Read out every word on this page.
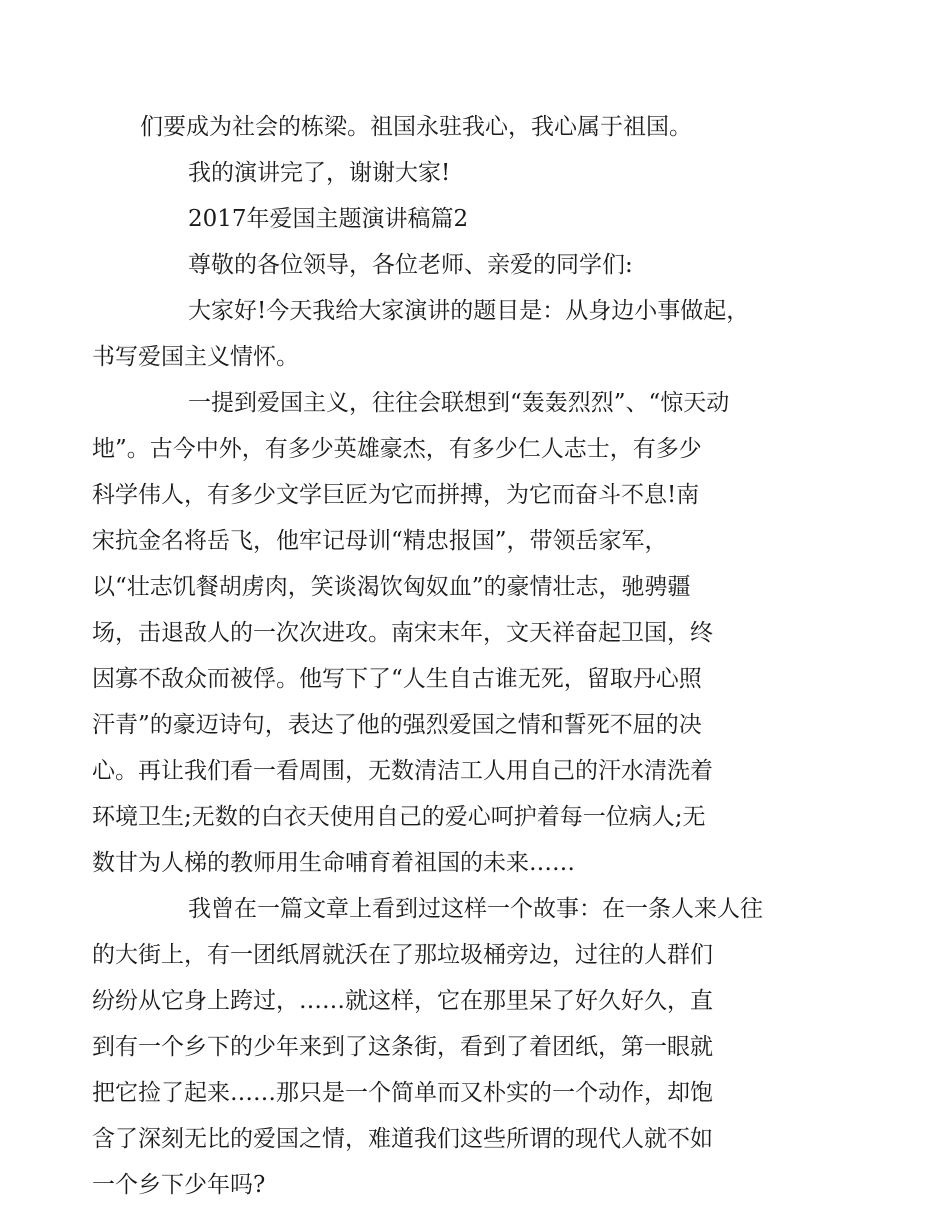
们要成为社会的栋梁。祖国永驻我心，我心属于祖国。

我的演讲完了，谢谢大家!

2017年爱国主题演讲稿篇2

尊敬的各位领导，各位老师、亲爱的同学们:

大家好!今天我给大家演讲的题目是：从身边小事做起，
书写爱国主义情怀。

一提到爱国主义，往往会联想到“轰轰烈烈”、“惊天动
地”。古今中外，有多少英雄豪杰，有多少仁人志士，有多少
科学伟人，有多少文学巨匠为它而拼搏，为它而奋斗不息!南
宋抗金名将岳飞，他牢记母训“精忠报国”，带领岳家军，
以“壮志饥餐胡虏肉，笑谈渴饮匈奴血”的豪情壮志，驰骋疆
场，击退敌人的一次次进攻。南宋末年，文天祥奋起卫国，终
因寡不敌众而被俘。他写下了“人生自古谁无死，留取丹心照
汗青”的豪迈诗句，表达了他的强烈爱国之情和誓死不屈的决
心。再让我们看一看周围，无数清洁工人用自己的汗水清洗着
环境卫生;无数的白衣天使用自己的爱心呵护着每一位病人;无
数甘为人梯的教师用生命哺育着祖国的未来……

我曾在一篇文章上看到过这样一个故事：在一条人来人往
的大街上，有一团纸屑就沃在了那垃圾桶旁边，过往的人群们
纷纷从它身上跨过，……就这样，它在那里呆了好久好久，直
到有一个乡下的少年来到了这条街，看到了着团纸，第一眼就
把它捡了起来……那只是一个简单而又朴实的一个动作，却饱
含了深刻无比的爱国之情，难道我们这些所谓的现代人就不如
一个乡下少年吗?
